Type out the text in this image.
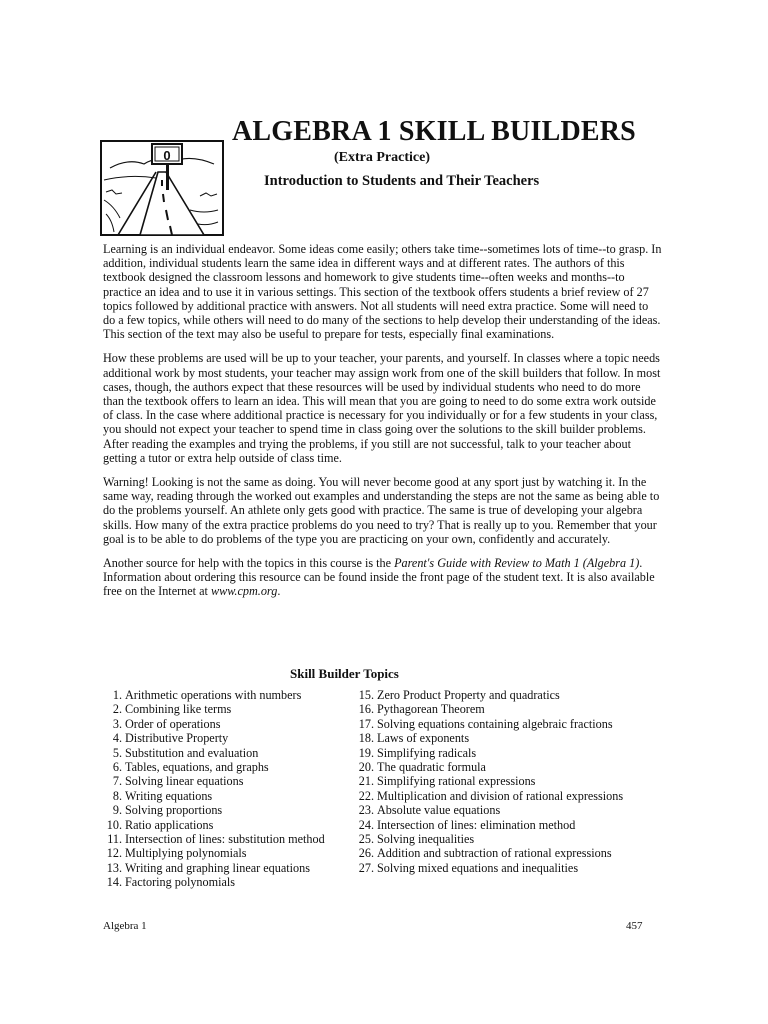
0
ALGEBRA 1 SKILL BUILDERS
(Extra Practice)
Introduction to Students and Their Teachers

Learning is an individual endeavor. Some ideas come easily; others take time--sometimes lots of time--to grasp. In addition, individual students learn the same idea in different ways and at different rates. The authors of this textbook designed the classroom lessons and homework to give students time--often weeks and months--to practice an idea and to use it in various settings. This section of the textbook offers students a brief review of 27 topics followed by additional practice with answers. Not all students will need extra practice. Some will need to do a few topics, while others will need to do many of the sections to help develop their understanding of the ideas. This section of the text may also be useful to prepare for tests, especially final examinations.

How these problems are used will be up to your teacher, your parents, and yourself. In classes where a topic needs additional work by most students, your teacher may assign work from one of the skill builders that follow. In most cases, though, the authors expect that these resources will be used by individual students who need to do more than the textbook offers to learn an idea. This will mean that you are going to need to do some extra work outside of class. In the case where additional practice is necessary for you individually or for a few students in your class, you should not expect your teacher to spend time in class going over the solutions to the skill builder problems. After reading the examples and trying the problems, if you still are not successful, talk to your teacher about getting a tutor or extra help outside of class time.

Warning! Looking is not the same as doing. You will never become good at any sport just by watching it. In the same way, reading through the worked out examples and understanding the steps are not the same as being able to do the problems yourself. An athlete only gets good with practice. The same is true of developing your algebra skills. How many of the extra practice problems do you need to try? That is really up to you. Remember that your goal is to be able to do problems of the type you are practicing on your own, confidently and accurately.

Another source for help with the topics in this course is the Parent's Guide with Review to Math 1 (Algebra 1). Information about ordering this resource can be found inside the front page of the student text. It is also available free on the Internet at www.cpm.org.

Skill Builder Topics
1. Arithmetic operations with numbers
2. Combining like terms
3. Order of operations
4. Distributive Property
5. Substitution and evaluation
6. Tables, equations, and graphs
7. Solving linear equations
8. Writing equations
9. Solving proportions
10. Ratio applications
11. Intersection of lines: substitution method
12. Multiplying polynomials
13. Writing and graphing linear equations
14. Factoring polynomials
15. Zero Product Property and quadratics
16. Pythagorean Theorem
17. Solving equations containing algebraic fractions
18. Laws of exponents
19. Simplifying radicals
20. The quadratic formula
21. Simplifying rational expressions
22. Multiplication and division of rational expressions
23. Absolute value equations
24. Intersection of lines: elimination method
25. Solving inequalities
26. Addition and subtraction of rational expressions
27. Solving mixed equations and inequalities
Algebra 1	457
